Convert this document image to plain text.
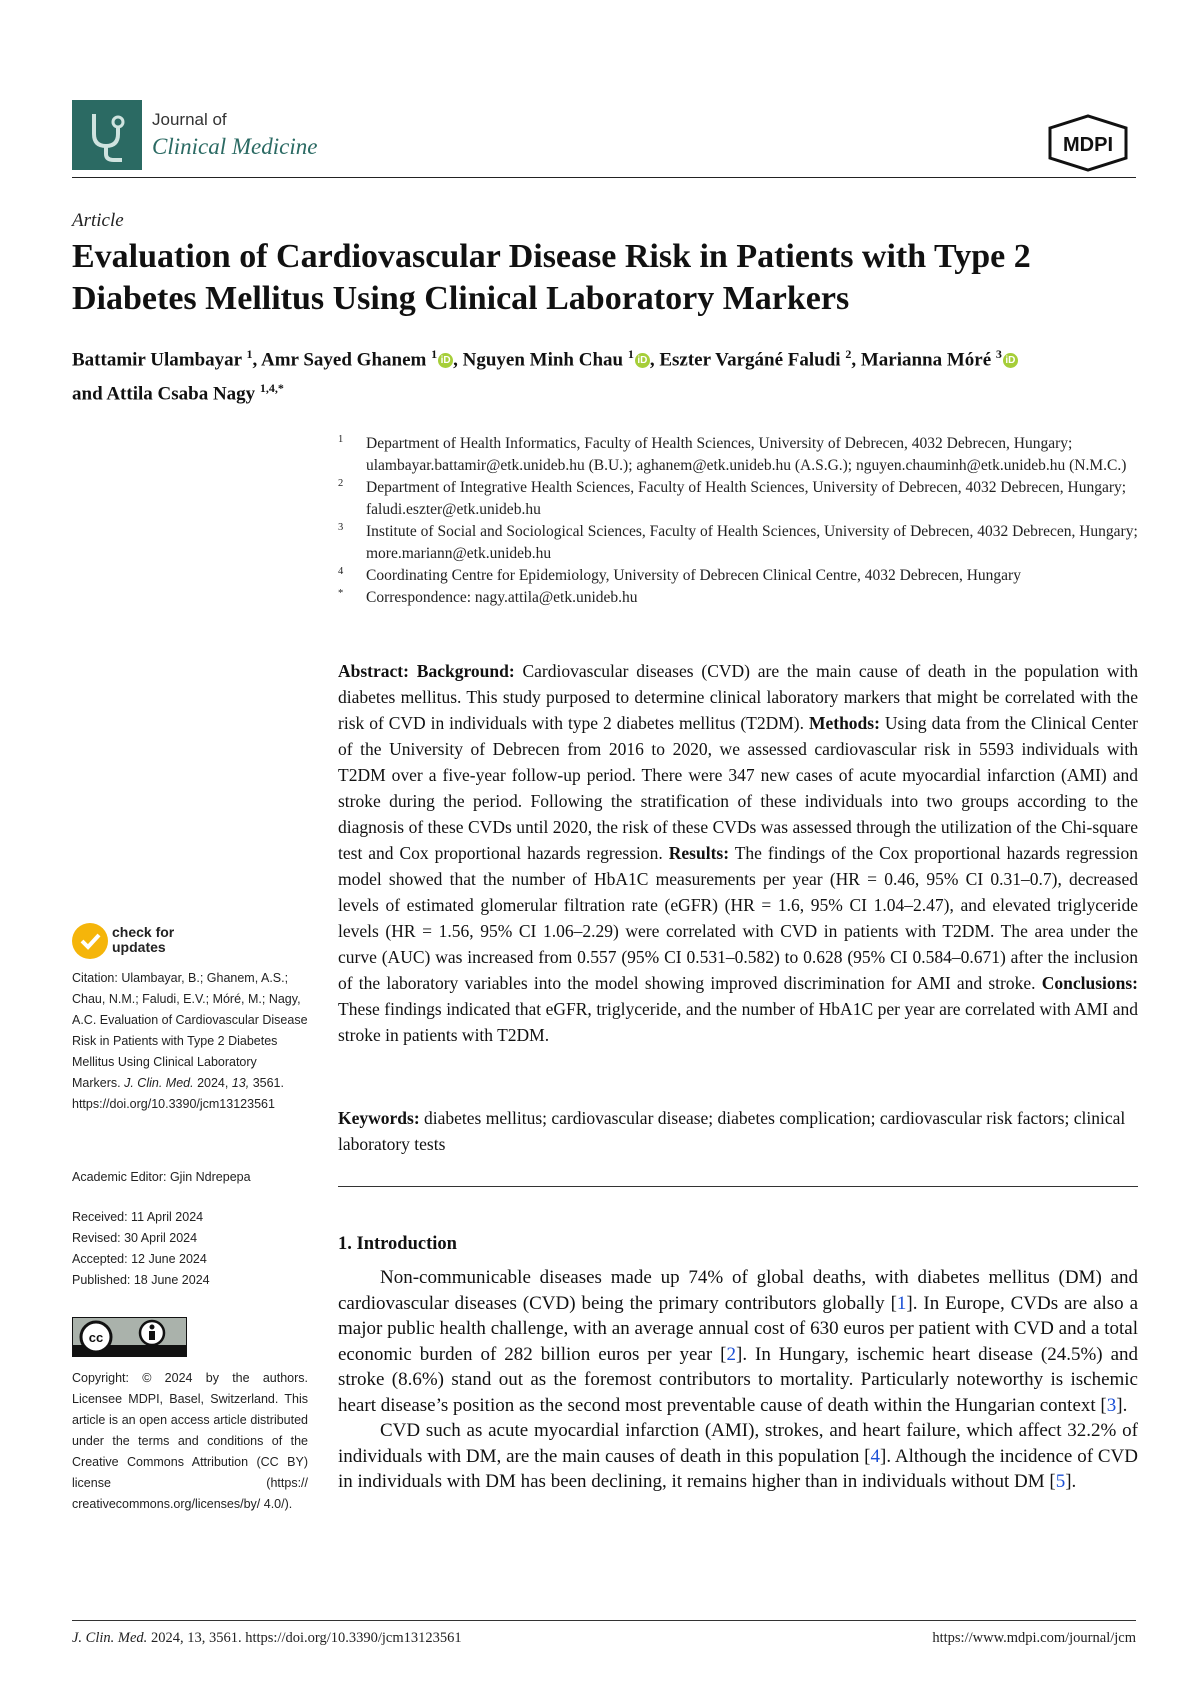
Journal of
Clinical Medicine	MDPI
Article
Evaluation of Cardiovascular Disease Risk in Patients with Type 2 Diabetes Mellitus Using Clinical Laboratory Markers
Battamir Ulambayar $^1$, Amr Sayed Ghanem $^1$ iD , Nguyen Minh Chau $^1$ iD , Eszter Vargáné Faludi $^2$, Marianna Móré $^3$ iD
and Attila Csaba Nagy $^{1,4,*}$
1 Department of Health Informatics, Faculty of Health Sciences, University of Debrecen, 4032 Debrecen, Hungary; ulambayar.battamir@etk.unideb.hu (B.U.); aghanem@etk.unideb.hu (A.S.G.); nguyen.chauminh@etk.unideb.hu (N.M.C.)
2 Department of Integrative Health Sciences, Faculty of Health Sciences, University of Debrecen, 4032 Debrecen, Hungary; faludi.eszter@etk.unideb.hu
3 Institute of Social and Sociological Sciences, Faculty of Health Sciences, University of Debrecen, 4032 Debrecen, Hungary; more.mariann@etk.unideb.hu
4 Coordinating Centre for Epidemiology, University of Debrecen Clinical Centre, 4032 Debrecen, Hungary
* Correspondence: nagy.attila@etk.unideb.hu
Abstract: Background: Cardiovascular diseases (CVD) are the main cause of death in the population with diabetes mellitus. This study purposed to determine clinical laboratory markers that might be correlated with the risk of CVD in individuals with type 2 diabetes mellitus (T2DM). Methods: Using data from the Clinical Center of the University of Debrecen from 2016 to 2020, we assessed cardiovascular risk in 5593 individuals with T2DM over a five-year follow-up period. There were 347 new cases of acute myocardial infarction (AMI) and stroke during the period. Following the stratification of these individuals into two groups according to the diagnosis of these CVDs until 2020, the risk of these CVDs was assessed through the utilization of the Chi-square test and Cox proportional hazards regression. Results: The findings of the Cox proportional hazards regression model showed that the number of HbA1C measurements per year (HR = 0.46, 95% CI 0.31–0.7), decreased levels of estimated glomerular filtration rate (eGFR) (HR = 1.6, 95% CI 1.04–2.47), and elevated triglyceride levels (HR = 1.56, 95% CI 1.06–2.29) were correlated with CVD in patients with T2DM. The area under the curve (AUC) was increased from 0.557 (95% CI 0.531–0.582) to 0.628 (95% CI 0.584–0.671) after the inclusion of the laboratory variables into the model showing improved discrimination for AMI and stroke. Conclusions: These findings indicated that eGFR, triglyceride, and the number of HbA1C per year are correlated with AMI and stroke in patients with T2DM.
Keywords: diabetes mellitus; cardiovascular disease; diabetes complication; cardiovascular risk factors; clinical laboratory tests
1. Introduction

Non-communicable diseases made up 74% of global deaths, with diabetes mellitus (DM) and cardiovascular diseases (CVD) being the primary contributors globally [1]. In Europe, CVDs are also a major public health challenge, with an average annual cost of 630 euros per patient with CVD and a total economic burden of 282 billion euros per year [2]. In Hungary, ischemic heart disease (24.5%) and stroke (8.6%) stand out as the foremost contributors to mortality. Particularly noteworthy is ischemic heart disease’s position as the second most preventable cause of death within the Hungarian context [3].

CVD such as acute myocardial infarction (AMI), strokes, and heart failure, which affect 32.2% of individuals with DM, are the main causes of death in this population [4]. Although the incidence of CVD in individuals with DM has been declining, it remains higher than in individuals without DM [5].

check for
updates
Citation: Ulambayar, B.; Ghanem, A.S.; Chau, N.M.; Faludi, E.V.; Móré, M.; Nagy, A.C. Evaluation of Cardiovascular Disease Risk in Patients with Type 2 Diabetes Mellitus Using Clinical Laboratory Markers. J. Clin. Med. 2024, 13, 3561. https://doi.org/10.3390/jcm13123561
Academic Editor: Gjin Ndrepepa
Received: 11 April 2024
Revised: 30 April 2024
Accepted: 12 June 2024
Published: 18 June 2024
cc
Copyright: © 2024 by the authors. Licensee MDPI, Basel, Switzerland. This article is an open access article distributed under the terms and conditions of the Creative Commons Attribution (CC BY) license (https:// creativecommons.org/licenses/by/ 4.0/).
J. Clin. Med. 2024, 13, 3561. https://doi.org/10.3390/jcm13123561	https://www.mdpi.com/journal/jcm
